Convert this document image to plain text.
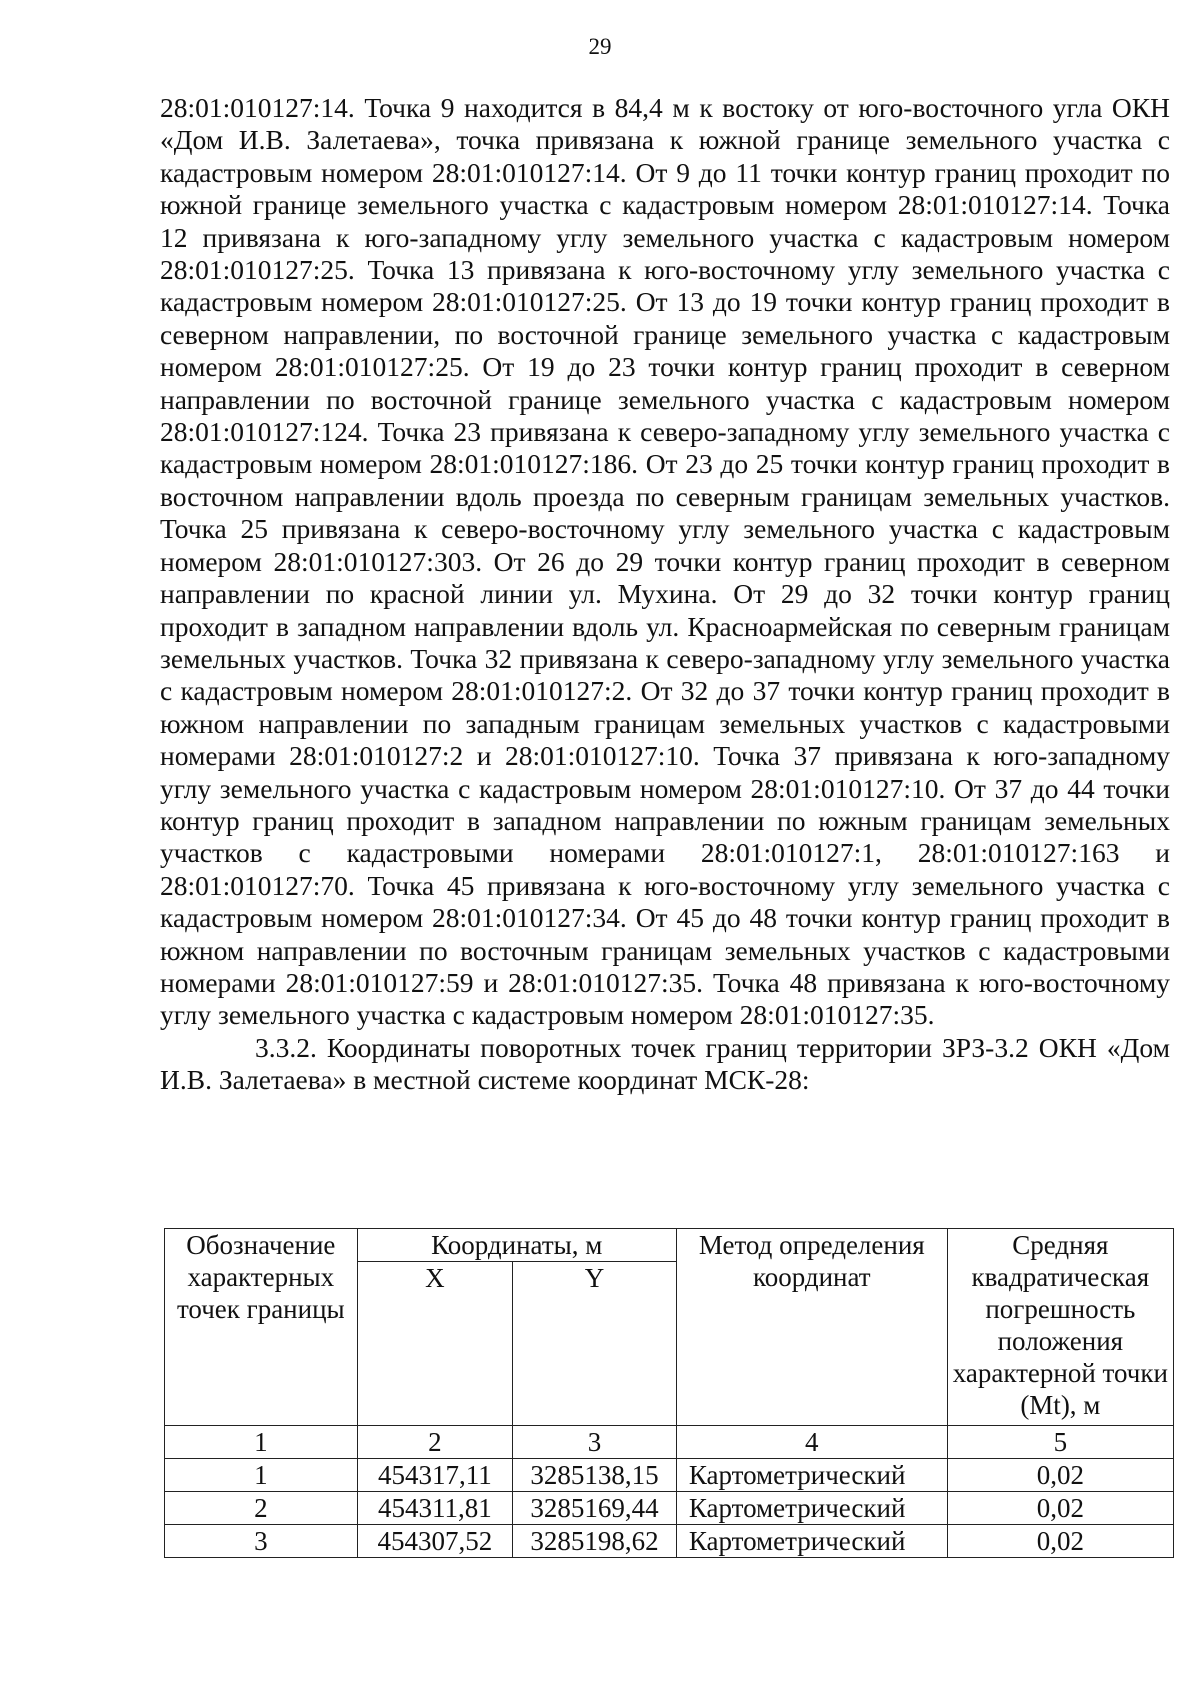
29

28:01:010127:14. Точка 9 находится в 84,4 м к востоку от юго-восточного угла ОКН «Дом И.В. Залетаева», точка привязана к южной границе земельного участка с кадастровым номером 28:01:010127:14. От 9 до 11 точки контур границ проходит по южной границе земельного участка с кадастровым номером 28:01:010127:14. Точка 12 привязана к юго-западному углу земельного участка с кадастровым номером 28:01:010127:25. Точка 13 привязана к юго-восточному углу земельного участка с кадастровым номером 28:01:010127:25. От 13 до 19 точки контур границ проходит в северном направлении, по восточной границе земельного участка с кадастровым номером 28:01:010127:25. От 19 до 23 точки контур границ проходит в северном направлении по восточной границе земельного участка с кадастровым номером 28:01:010127:124. Точка 23 привязана к северо-западному углу земельного участка с кадастровым номером 28:01:010127:186. От 23 до 25 точки контур границ проходит в восточном направлении вдоль проезда по северным границам земельных участков. Точка 25 привязана к северо-восточному углу земельного участка с кадастровым номером 28:01:010127:303. От 26 до 29 точки контур границ проходит в северном направлении по красной линии ул. Мухина. От 29 до 32 точки контур границ проходит в западном направлении вдоль ул. Красноармейская по северным границам земельных участков. Точка 32 привязана к северо-западному углу земельного участка с кадастровым номером 28:01:010127:2. От 32 до 37 точки контур границ проходит в южном направлении по западным границам земельных участков с кадастровыми номерами 28:01:010127:2 и 28:01:010127:10. Точка 37 привязана к юго-западному углу земельного участка с кадастровым номером 28:01:010127:10. От 37 до 44 точки контур границ проходит в западном направлении по южным границам земельных участков с кадастровыми номерами 28:01:010127:1, 28:01:010127:163 и 28:01:010127:70. Точка 45 привязана к юго-восточному углу земельного участка с кадастровым номером 28:01:010127:34. От 45 до 48 точки контур границ проходит в южном направлении по восточным границам земельных участков с кадастровыми номерами 28:01:010127:59 и 28:01:010127:35. Точка 48 привязана к юго-восточному углу земельного участка с кадастровым номером 28:01:010127:35.

3.3.2. Координаты поворотных точек границ территории ЗРЗ-3.2 ОКН «Дом И.В. Залетаева» в местной системе координат МСК-28:

Обозначение характерных точек границы	Координаты, м		Метод определения координат	Средняя квадратическая погрешность положения характерной точки (Mt), м
	X	Y		
1	2	3	4	5
1	454317,11	3285138,15	Картометрический	0,02
2	454311,81	3285169,44	Картометрический	0,02
3	454307,52	3285198,62	Картометрический	0,02
